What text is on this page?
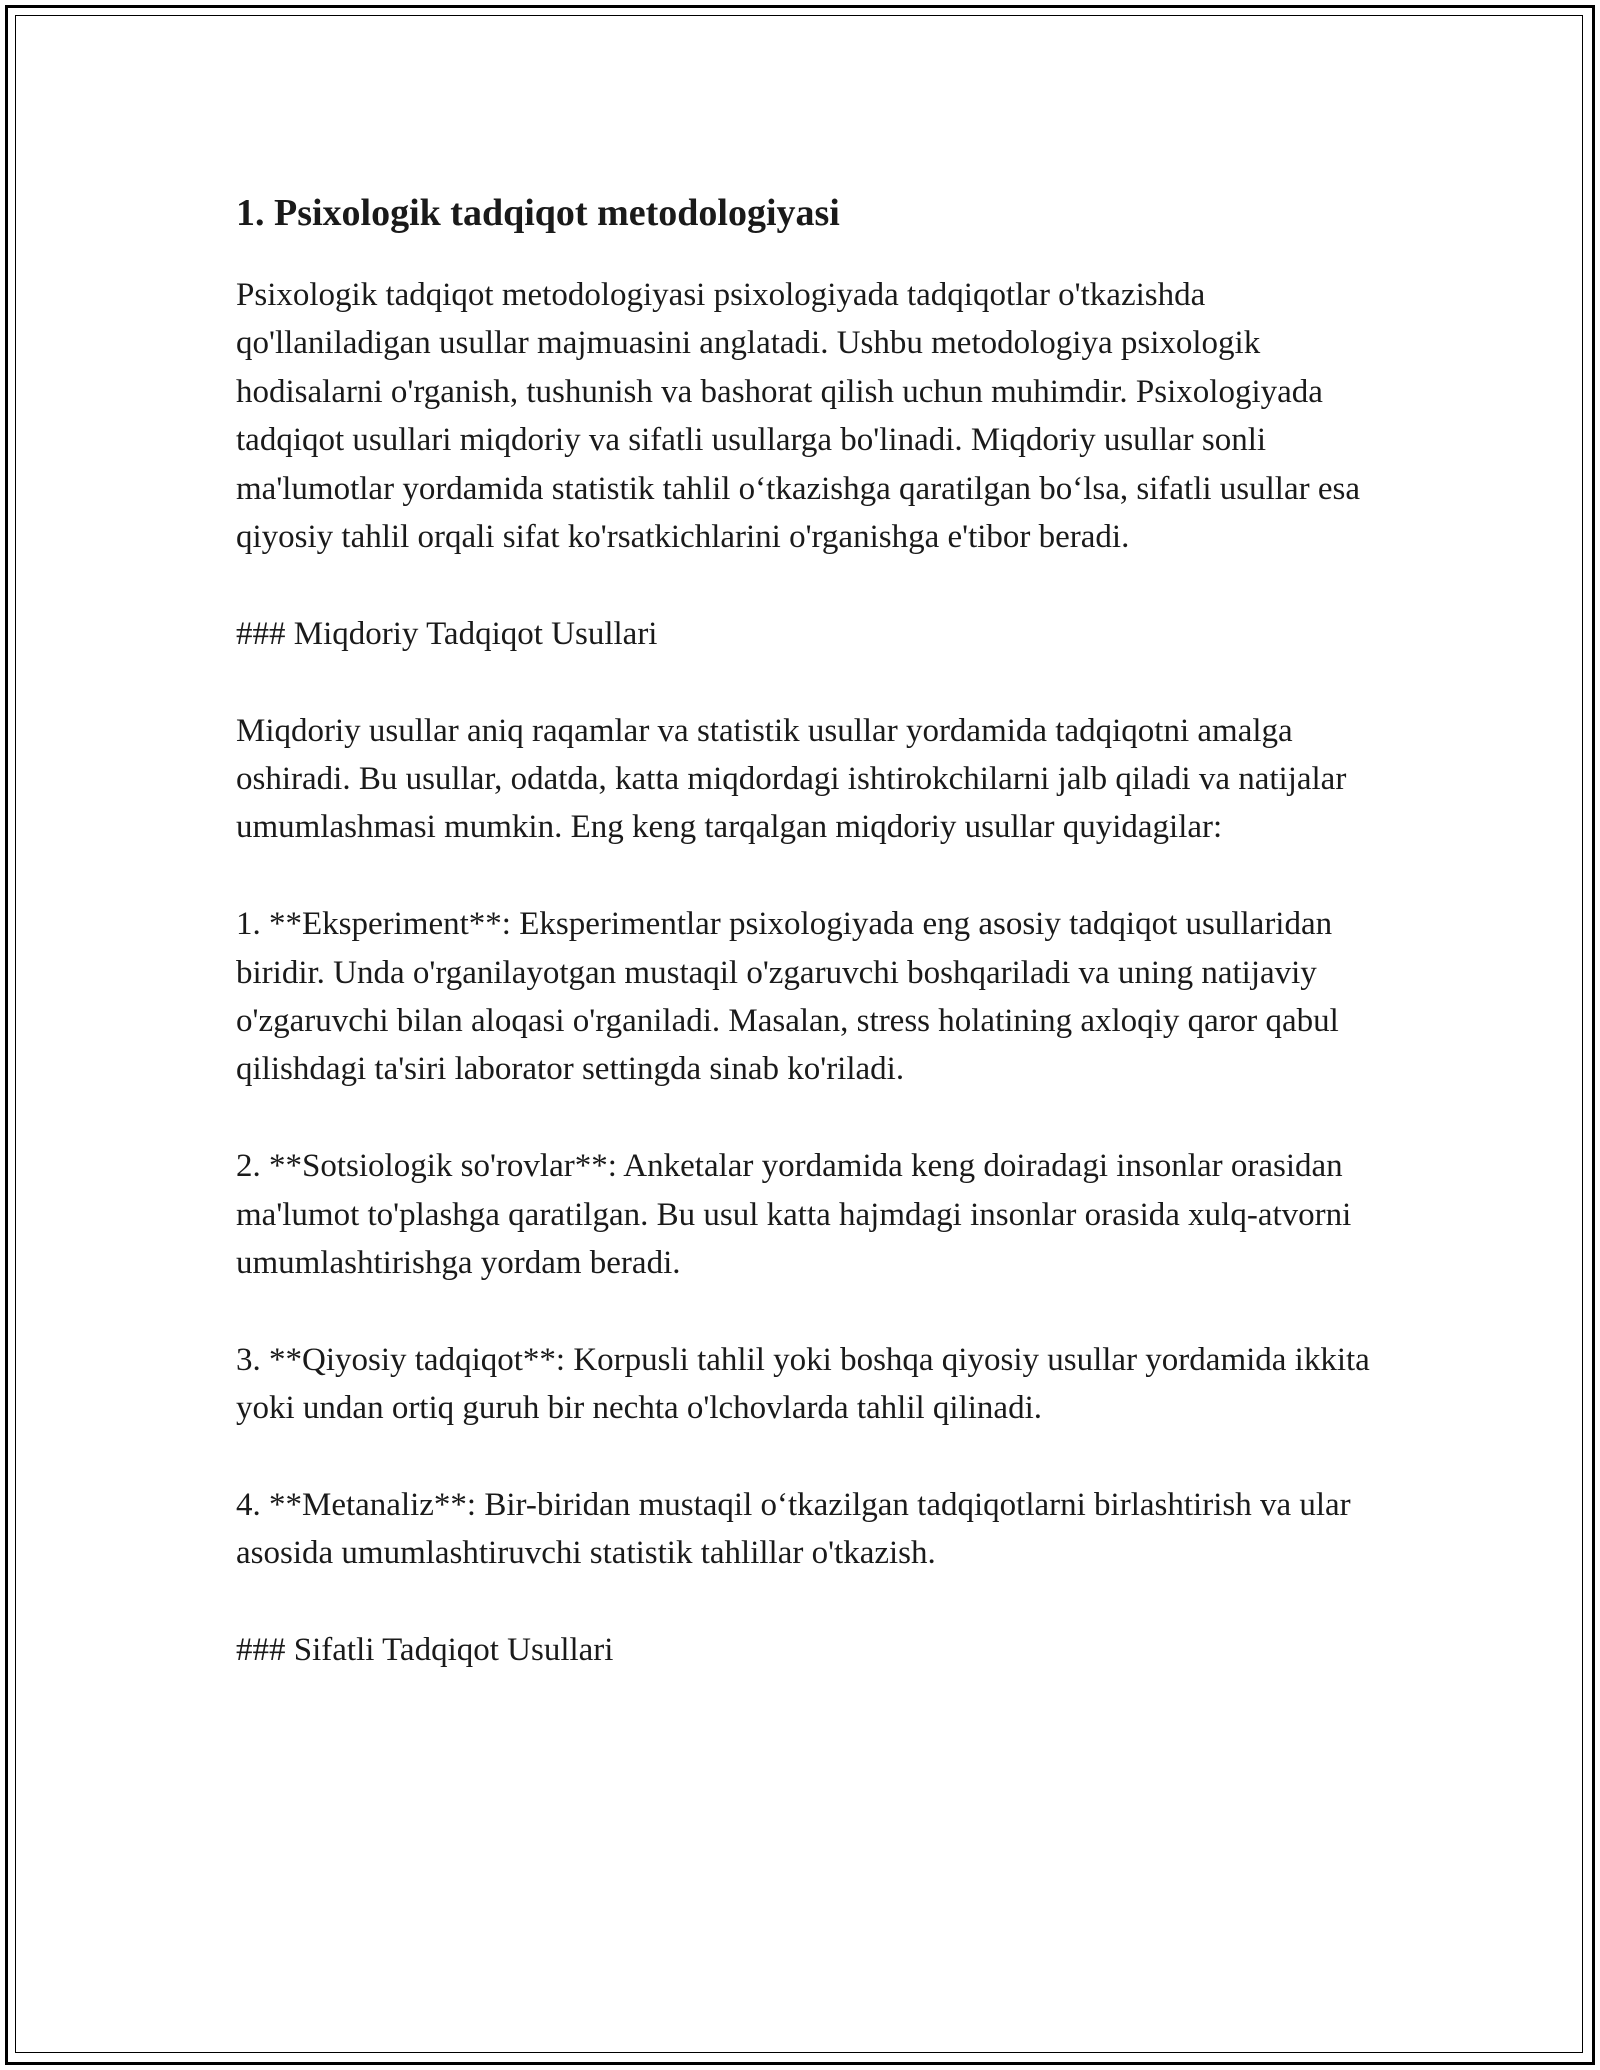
1. Psixologik tadqiqot metodologiyasi

Psixologik tadqiqot metodologiyasi psixologiyada tadqiqotlar o'tkazishda qo'llaniladigan usullar majmuasini anglatadi. Ushbu metodologiya psixologik hodisalarni o'rganish, tushunish va bashorat qilish uchun muhimdir. Psixologiyada tadqiqot usullari miqdoriy va sifatli usullarga bo'linadi. Miqdoriy usullar sonli ma'lumotlar yordamida statistik tahlil o‘tkazishga qaratilgan bo‘lsa, sifatli usullar esa qiyosiy tahlil orqali sifat ko'rsatkichlarini o'rganishga e'tibor beradi.

### Miqdoriy Tadqiqot Usullari

Miqdoriy usullar aniq raqamlar va statistik usullar yordamida tadqiqotni amalga oshiradi. Bu usullar, odatda, katta miqdordagi ishtirokchilarni jalb qiladi va natijalar umumlashmasi mumkin. Eng keng tarqalgan miqdoriy usullar quyidagilar:

1. **Eksperiment**: Eksperimentlar psixologiyada eng asosiy tadqiqot usullaridan biridir. Unda o'rganilayotgan mustaqil o'zgaruvchi boshqariladi va uning natijaviy o'zgaruvchi bilan aloqasi o'rganiladi. Masalan, stress holatining axloqiy qaror qabul qilishdagi ta'siri laborator settingda sinab ko'riladi.

2. **Sotsiologik so'rovlar**: Anketalar yordamida keng doiradagi insonlar orasidan ma'lumot to'plashga qaratilgan. Bu usul katta hajmdagi insonlar orasida xulq-atvorni umumlashtirishga yordam beradi.

3. **Qiyosiy tadqiqot**: Korpusli tahlil yoki boshqa qiyosiy usullar yordamida ikkita yoki undan ortiq guruh bir nechta o'lchovlarda tahlil qilinadi.

4. **Metanaliz**: Bir-biridan mustaqil o‘tkazilgan tadqiqotlarni birlashtirish va ular asosida umumlashtiruvchi statistik tahlillar o'tkazish.

### Sifatli Tadqiqot Usullari
